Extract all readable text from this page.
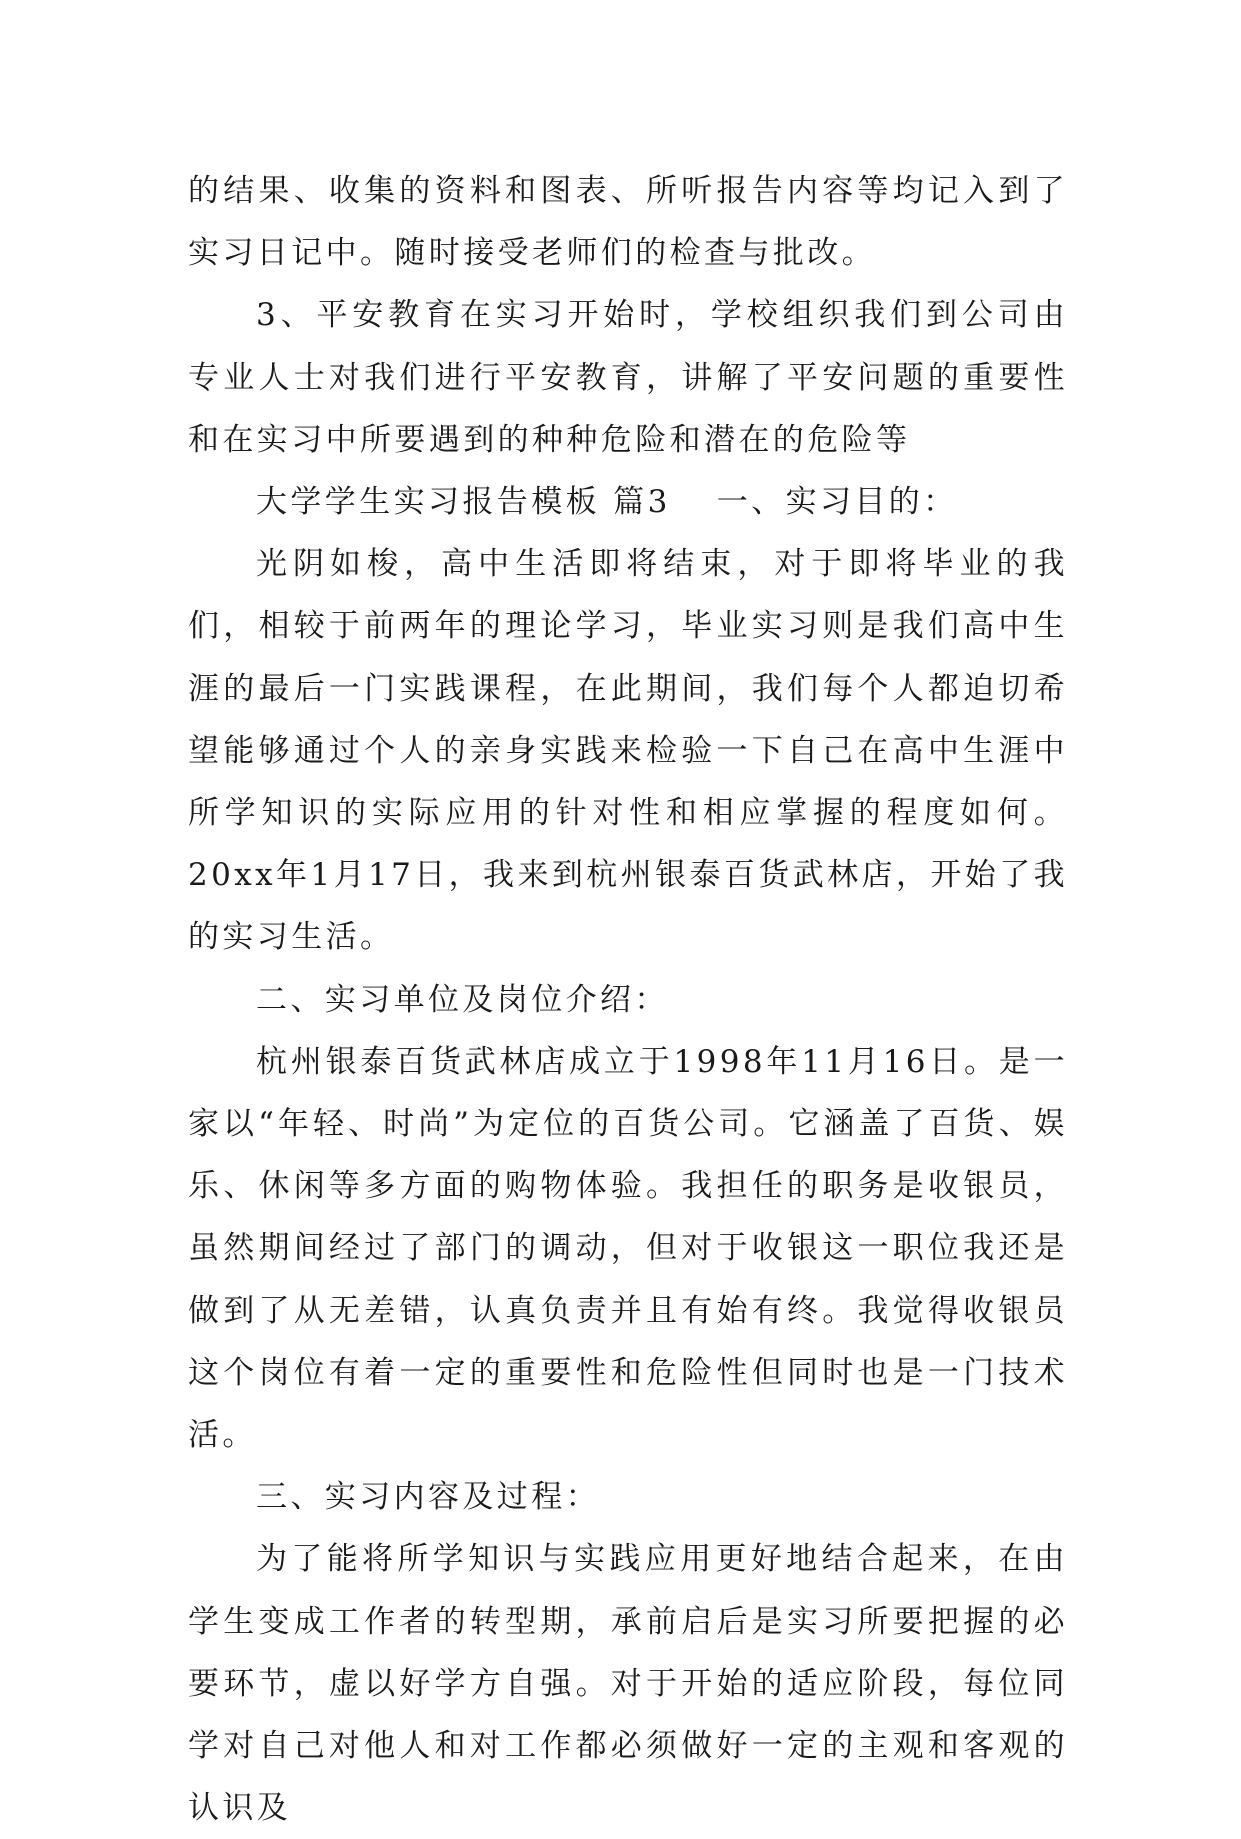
的结果、收集的资料和图表、所听报告内容等均记入到了实习日记中。随时接受老师们的检查与批改。

3、平安教育在实习开始时，学校组织我们到公司由专业人士对我们进行平安教育，讲解了平安问题的重要性和在实习中所要遇到的种种危险和潜在的危险等

大学学生实习报告模板 篇3 一、实习目的：

光阴如梭，高中生活即将结束，对于即将毕业的我们，相较于前两年的理论学习，毕业实习则是我们高中生涯的最后一门实践课程，在此期间，我们每个人都迫切希望能够通过个人的亲身实践来检验一下自己在高中生涯中所学知识的实际应用的针对性和相应掌握的程度如何。20xx年1月17日，我来到杭州银泰百货武林店，开始了我的实习生活。

二、实习单位及岗位介绍：

杭州银泰百货武林店成立于1998年11月16日。是一家以“年轻、时尚”为定位的百货公司。它涵盖了百货、娱乐、休闲等多方面的购物体验。我担任的职务是收银员，虽然期间经过了部门的调动，但对于收银这一职位我还是做到了从无差错，认真负责并且有始有终。我觉得收银员这个岗位有着一定的重要性和危险性但同时也是一门技术活。

三、实习内容及过程：

为了能将所学知识与实践应用更好地结合起来，在由学生变成工作者的转型期，承前启后是实习所要把握的必要环节，虚以好学方自强。对于开始的适应阶段，每位同学对自己对他人和对工作都必须做好一定的主观和客观的认识及
